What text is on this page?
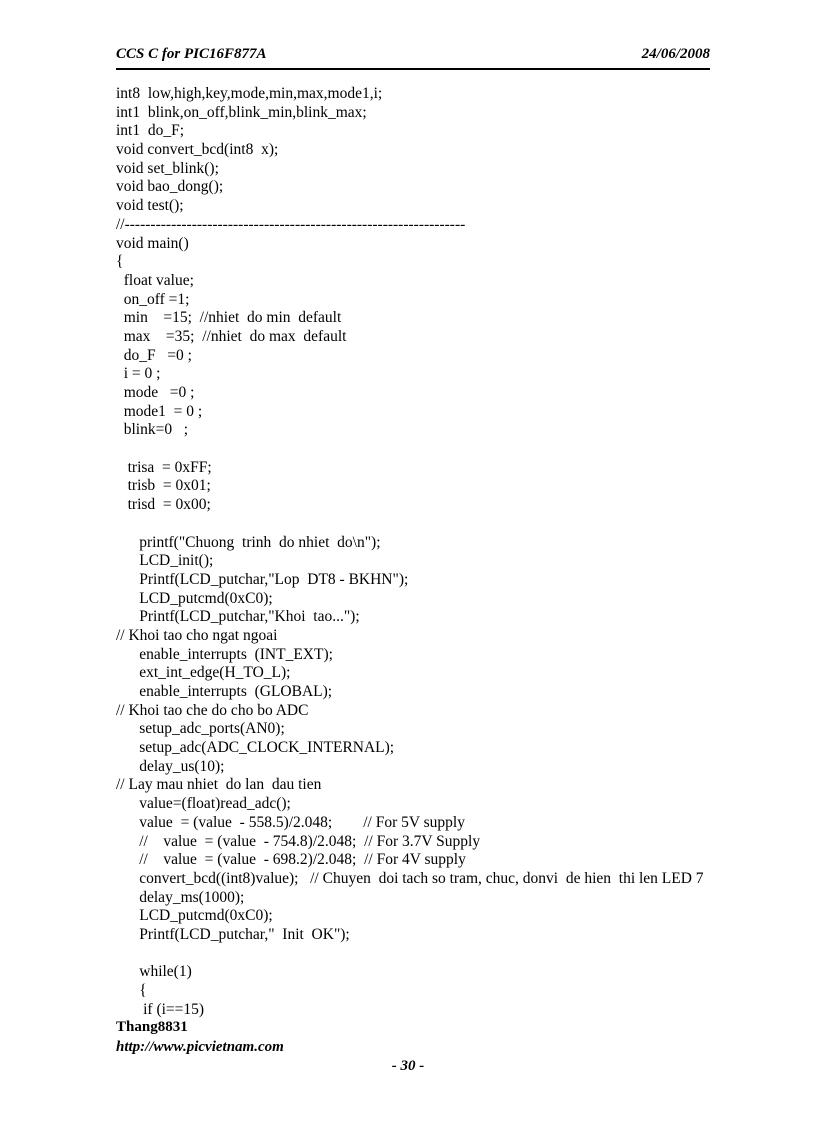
CCS C for PIC16F877A	24/06/2008
int8  low,high,key,mode,min,max,mode1,i;
int1  blink,on_off,blink_min,blink_max;
int1  do_F;
void convert_bcd(int8  x);
void set_blink();
void bao_dong();
void test();
//------------------------------------------------------------------
void main()
{
float value;
on_off =1;
min    =15;  //nhiet  do min  default
max    =35;  //nhiet  do max  default
do_F   =0 ;
i = 0 ;
mode   =0 ;
mode1  = 0 ;
blink=0   ;
trisa  = 0xFF;
trisb  = 0x01;
trisd  = 0x00;
printf("Chuong  trinh  do nhiet  do\n");
LCD_init();
Printf(LCD_putchar,"Lop  DT8 - BKHN");
LCD_putcmd(0xC0);
Printf(LCD_putchar,"Khoi  tao...");
// Khoi tao cho ngat ngoai
enable_interrupts  (INT_EXT);
ext_int_edge(H_TO_L);
enable_interrupts  (GLOBAL);
// Khoi tao che do cho bo ADC
setup_adc_ports(AN0);
setup_adc(ADC_CLOCK_INTERNAL);
delay_us(10);
// Lay mau nhiet  do lan  dau tien
value=(float)read_adc();
value  = (value  - 558.5)/2.048;        // For 5V supply
//    value  = (value  - 754.8)/2.048;  // For 3.7V Supply
//    value  = (value  - 698.2)/2.048;  // For 4V supply
convert_bcd((int8)value);   // Chuyen  doi tach so tram, chuc, donvi  de hien  thi len LED 7
delay_ms(1000);
LCD_putcmd(0xC0);
Printf(LCD_putchar,"  Init  OK");
while(1)
{
if (i==15)
Thang8831
http://www.picvietnam.com
- 30 -
